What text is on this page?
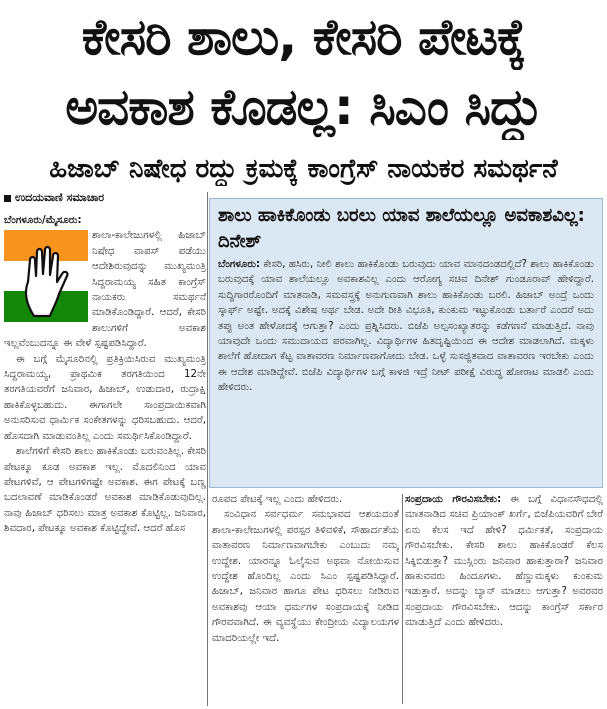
ಕೇಸರಿ ಶಾಲು, ಕೇಸರಿ ಪೇಟಕ್ಕೆ
ಅವಕಾಶ ಕೊಡಲ್ಲ: ಸಿಎಂ ಸಿದ್ದು
ಹಿಜಾಬ್ ನಿಷೇಧ ರದ್ದು ಕ್ರಮಕ್ಕೆ ಕಾಂಗ್ರೆಸ್ ನಾಯಕರ ಸಮರ್ಥನೆ
ಉದಯವಾಣಿ ಸಮಾಚಾರ
ಬೆಂಗಳೂರು/ಮೈಸೂರು:

ಶಾಲಾ-ಕಾಲೇಜುಗಳಲ್ಲಿ ಹಿಜಾಬ್ ನಿಷೇಧ ವಾಪಸ್ ಪಡೆಯು ಆದೇಶಿರುವುದನ್ನು ಮುಖ್ಯಮಂತ್ರಿ ಸಿದ್ದರಾಮಯ್ಯ ಸಹಿತ ಕಾಂಗ್ರೆಸ್ ನಾಯಕರು ಸಮರ್ಥನೆ ಮಾಡಿಕೊಂಡಿದ್ದಾರೆ. ಆದರೆ, ಕೇಸರಿ ಶಾಲುಗಳಿಗೆ ಅವಕಾಶ ಇಲ್ಲವೆಂಬುದನ್ನೂ ಈ ವೇಳೆ ಸ್ಪಷ್ಟಪಡಿಸಿದ್ದಾರೆ.

ಈ ಬಗ್ಗೆ ಮೈಸೂರಿನಲ್ಲಿ ಪ್ರತಿಕ್ರಿಯಿಸಿರುವ ಮುಖ್ಯಮಂತ್ರಿ ಸಿದ್ದರಾಮಯ್ಯ, ಪ್ರಾಥಮಿಕ ತರಗತಿಯಿಂದ 12ನೇ ತರಗತಿಯವರೆಗೆ ಜನಿವಾರ, ಹಿಜಾಬ್, ಉಡುದಾರ, ರುದ್ರಾಕ್ಷಿ ಹಾಕಿಕೊಳ್ಳಬಹುದು. ಈಗಾಗಲೇ ಸಾಂಪ್ರದಾಯಿಕವಾಗಿ ಅನುಸರಿಸುವ ಧಾರ್ಮಿಕ ಸಂಕೇತಗಳನ್ನು ಧರಿಸಬಹುದು. ಆದರೆ, ಹೊಸದಾಗಿ ಮಾಡುವಂತಿಲ್ಲ ಎಂದು ಸಮರ್ಥಿಸಿಕೊಂಡಿದ್ದಾರೆ.

ಶಾಲೆಗಳಿಗೆ ಕೇಸರಿ ಶಾಲು ಹಾಕಿಕೊಂಡು ಬರುವಂತಿಲ್ಲ. ಕೇಸರಿ ಪೇಟಕ್ಕೂ ಕೂಡ ಅವಕಾಶ ಇಲ್ಲ. ಮೊದಲಿನಿಂದ ಯಾವ ಪೇಟಗಳಿವೆ, ಆ ಪೇಟಗಳಿಗಷ್ಟೇ ಅವಕಾಶ. ಈಗ ಪೇಟಕ್ಕೆ ಬಣ್ಣ ಬದಲಾವಣೆ ಮಾಡಿಕೊಂಡರೆ ಅವಕಾಶ ಮಾಡಿಕೊಡುವುದಿಲ್ಲ. ನಾವು ಹಿಜಾಬ್ ಧರಿಸಲು ಮಾತ್ರ ಅವಕಾಶ ಕೊಟ್ಟಿಲ್ಲ. ಜನಿವಾರ, ಶಿವದಾರ, ಪೇಟಕ್ಕೂ ಅವಕಾಶ ಕೊಟ್ಟಿದ್ದೇವೆ. ಆದರೆ ಹೊಸ

ಶಾಲು ಹಾಕಿಕೊಂಡು ಬರಲು ಯಾವ ಶಾಲೆಯಲ್ಲೂ ಅವಕಾಶವಿಲ್ಲ: ದಿನೇಶ್

ಬೆಂಗಳೂರು: ಕೇಸರಿ, ಹಸಿರು, ನೀಲಿ ಶಾಲು ಹಾಕಿಕೊಂಡು ಬರುವುದು ಯಾವ ಮಾನದಂಡದಲ್ಲಿದೆ? ಶಾಲು ಹಾಕಿಕೊಂಡು ಬರುವುದಕ್ಕೆ ಯಾವ ಶಾಲೆಯಲ್ಲೂ ಅವಕಾಶವಿಲ್ಲ ಎಂದು ಆರೋಗ್ಯ ಸಚಿವ ದಿನೇಶ್ ಗುಂಡೂರಾವ್ ಹೇಳಿದ್ದಾರೆ. ಸುದ್ದಿಗಾರರೊಂದಿಗೆ ಮಾತನಾಡಿ, ಸಮವಸ್ತ್ರಕ್ಕೆ ಅನುಗುಣವಾಗಿ ಶಾಲು ಹಾಕಿಕೊಂಡು ಬರಲಿ. ಹಿಜಾಬ್ ಅಂದ್ರೆ ಒಂದು ಸ್ಕಾರ್ಫ್ ಅಷ್ಟೇ. ಅದಕ್ಕೆ ವಿಶೇಷ ಅರ್ಥ ಬೇಡ. ಅದೇ ರೀತಿ ವಿಭೂತಿ, ಕುಂಕುಮ ಇಟ್ಟುಕೊಂಡು ಬರ್ತಾರೆ ಎಂದರೆ ಅದು ತಪ್ಪು ಅಂತ ಹೇಳೋದಕ್ಕೆ ಆಗುತ್ತಾ? ಎಂದು ಪ್ರಶ್ನಿಸಿದರು. ಬಿಜೆಪಿ ಅಲ್ಪಸಂಖ್ಯಾತರನ್ನು ಕಡೆಗಣನೆ ಮಾಡುತ್ತಿದೆ. ನಾವು ಯಾವುದೇ ಒಂದು ಸಮುದಾಯದ ಪರವಾಗಿಲ್ಲ. ವಿದ್ಯಾರ್ಥಿಗಳ ಹಿತದೃಷ್ಟಿಯಿಂದ ಈ ಆದೇಶ ಮಾಡಲಾಗಿದೆ. ಮಕ್ಕಳು ಶಾಲೆಗೆ ಹೋದಾಗ ಕೆಟ್ಟ ವಾತಾವರಣ ನಿರ್ಮಾಣವಾಗೋದು ಬೇಡ. ಒಳ್ಳೆ ಸುಸಜ್ಜಿತವಾದ ವಾತಾವರಣ ಇರಬೇಕು ಎಂದು ಈ ಆದೇಶ ಮಾಡಿದ್ದೇವೆ. ಬಿಜೆಪಿ ವಿದ್ಯಾರ್ಥಿಗಳ ಬಗ್ಗೆ ಕಾಳಜಿ ಇದ್ರೆ ನೀಟ್ ಪರೀಕ್ಷೆ ವಿರುದ್ಧ ಹೋರಾಟ ಮಾಡಲಿ ಎಂದು ಹೇಳಿದರು.

ರೂಪದ ಪೇಟಕ್ಕೆ ಇಲ್ಲ ಎಂದು ಹೇಳಿದರು.

ಸಂವಿಧಾನ ಸರ್ವಧರ್ಮ ಸಮಭಾವದ ಆಶಯದಂತೆ ಶಾಲಾ-ಕಾಲೇಜುಗಳಲ್ಲಿ ಪರಸ್ಪರ ತಿಳಿವಳಿಕೆ, ಸೌಹಾರ್ದತೆಯ ವಾತಾವರಣ ನಿರ್ಮಾಣವಾಗಬೇಕು ಎಂಬುದು ನಮ್ಮ ಉದ್ದೇಶ. ಯಾರನ್ನೂ ಓಲೈಸುವ ಅಥವಾ ನೋಯಿಸುವ ಉದ್ದೇಶ ಹೊಂದಿಲ್ಲ ಎಂದು ಸಿಎಂ ಸ್ಪಷ್ಟಪಡಿಸಿದ್ದಾರೆ. ಹಿಜಾಬ್, ಜನಿವಾರ ಹಾಗೂ ಪೇಟ ಧರಿಸಲು ನೀಡಿರುವ ಅವಕಾಶವು ಆಯಾ ಧರ್ಮಗಳ ಸಂಪ್ರದಾಯಕ್ಕೆ ನೀಡಿದ ಗೌರವವಾಗಿದೆ. ಈ ವ್ಯವಸ್ಥೆಯು ಕೇಂದ್ರೀಯ ವಿದ್ಯಾಲಯಗಳ ಮಾದರಿಯಲ್ಲೇ ಇದೆ.

ಸಂಪ್ರದಾಯ ಗೌರವಿಸಬೇಕು: ಈ ಬಗ್ಗೆ ವಿಧಾನಸೌಧದಲ್ಲಿ ಮಾತನಾಡಿದ ಸಚಿವ ಪ್ರಿಯಾಂಕ್ ಖರ್ಗೆ, ಬಿಜೆಪಿಯವರಿಗೆ ಬೇರೆ ಏನು ಕೆಲಸ ಇದೆ ಹೇಳಿ? ಧರ್ಮಿಕತೆ, ಸಂಪ್ರದಾಯ ಗೌರವಿಸಬೇಕು. ಕೇಸರಿ ಶಾಲು ಹಾಕಿಕೊಂಡರೆ ಕೆಲಸ ಸಿಕ್ಕಿಬಿಡುತ್ತಾ? ಮುಸ್ಲಿಂರು ಜನಿವಾರ ಹಾಕುತ್ತಾರಾ? ಜನಿವಾರ ಹಾಕುವವರು ಹಿಂದೂಗಳು. ಹೆಣ್ಣುಮಕ್ಕಳು ಕುಂಕುಮ ಇಡುತ್ತಾರೆ. ಅದನ್ನು ಬ್ಯಾನ್ ಮಾಡಲು ಆಗುತ್ತಾ? ಅವರವರ ಸಂಪ್ರದಾಯ ಗೌರವಿಸಬೇಕು. ಆದನ್ನು ಕಾಂಗ್ರೆಸ್ ಸರ್ಕಾರ ಮಾಡುತ್ತಿದೆ ಎಂದು ಹೇಳಿದರು.
